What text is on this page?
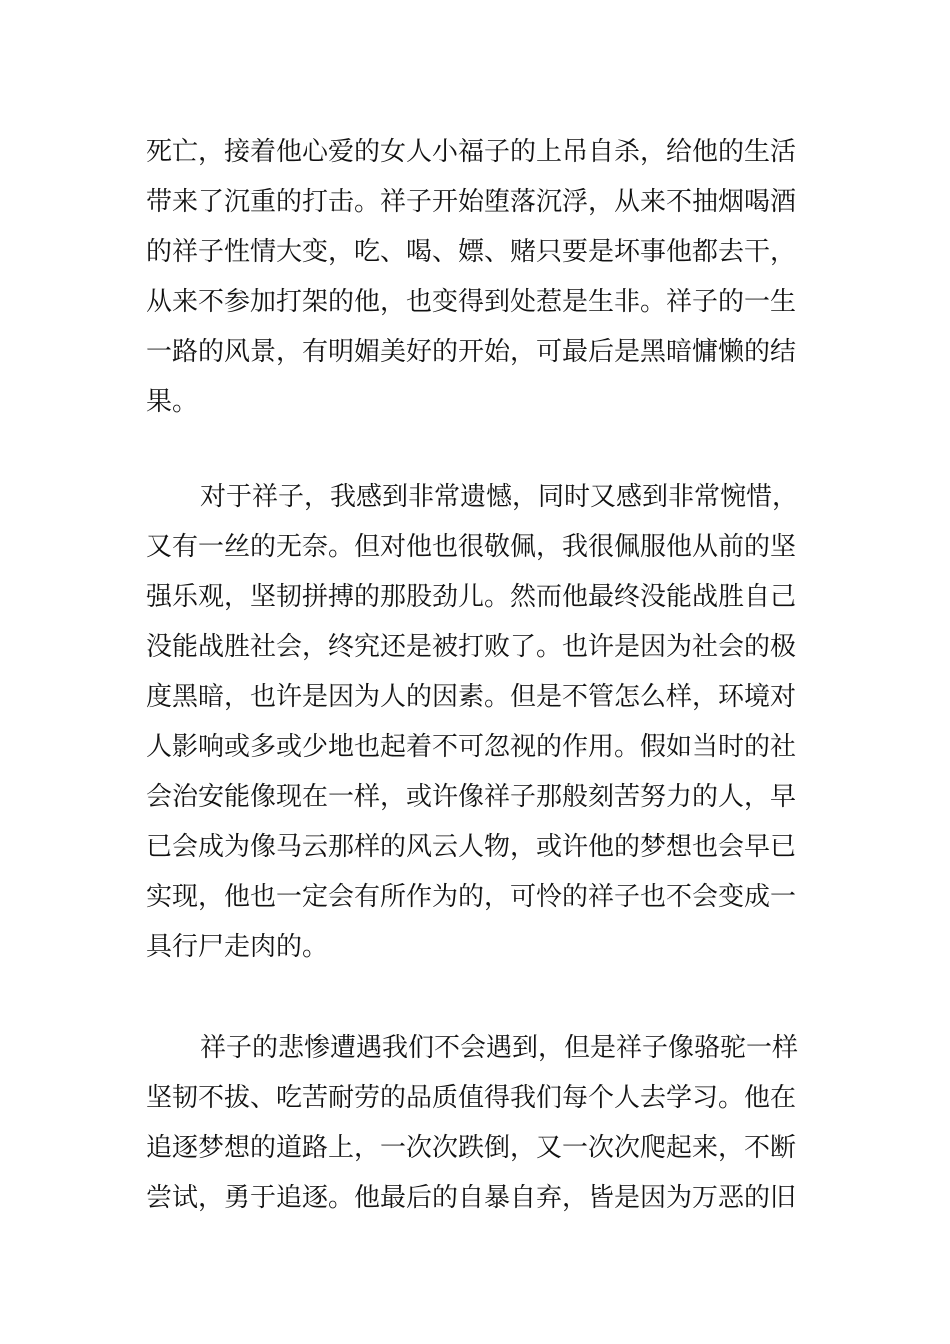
死亡，接着他心爱的女人小福子的上吊自杀，给他的生活
带来了沉重的打击。祥子开始堕落沉浮，从来不抽烟喝酒
的祥子性情大变，吃、喝、嫖、赌只要是坏事他都去干，
从来不参加打架的他，也变得到处惹是生非。祥子的一生
一路的风景，有明媚美好的开始，可最后是黑暗慵懒的结
果。
对于祥子，我感到非常遗憾，同时又感到非常惋惜，
又有一丝的无奈。但对他也很敬佩，我很佩服他从前的坚
强乐观，坚韧拼搏的那股劲儿。然而他最终没能战胜自己
没能战胜社会，终究还是被打败了。也许是因为社会的极
度黑暗，也许是因为人的因素。但是不管怎么样，环境对
人影响或多或少地也起着不可忽视的作用。假如当时的社
会治安能像现在一样，或许像祥子那般刻苦努力的人，早
已会成为像马云那样的风云人物，或许他的梦想也会早已
实现，他也一定会有所作为的，可怜的祥子也不会变成一
具行尸走肉的。
祥子的悲惨遭遇我们不会遇到，但是祥子像骆驼一样
坚韧不拔、吃苦耐劳的品质值得我们每个人去学习。他在
追逐梦想的道路上，一次次跌倒，又一次次爬起来，不断
尝试，勇于追逐。他最后的自暴自弃，皆是因为万恶的旧
